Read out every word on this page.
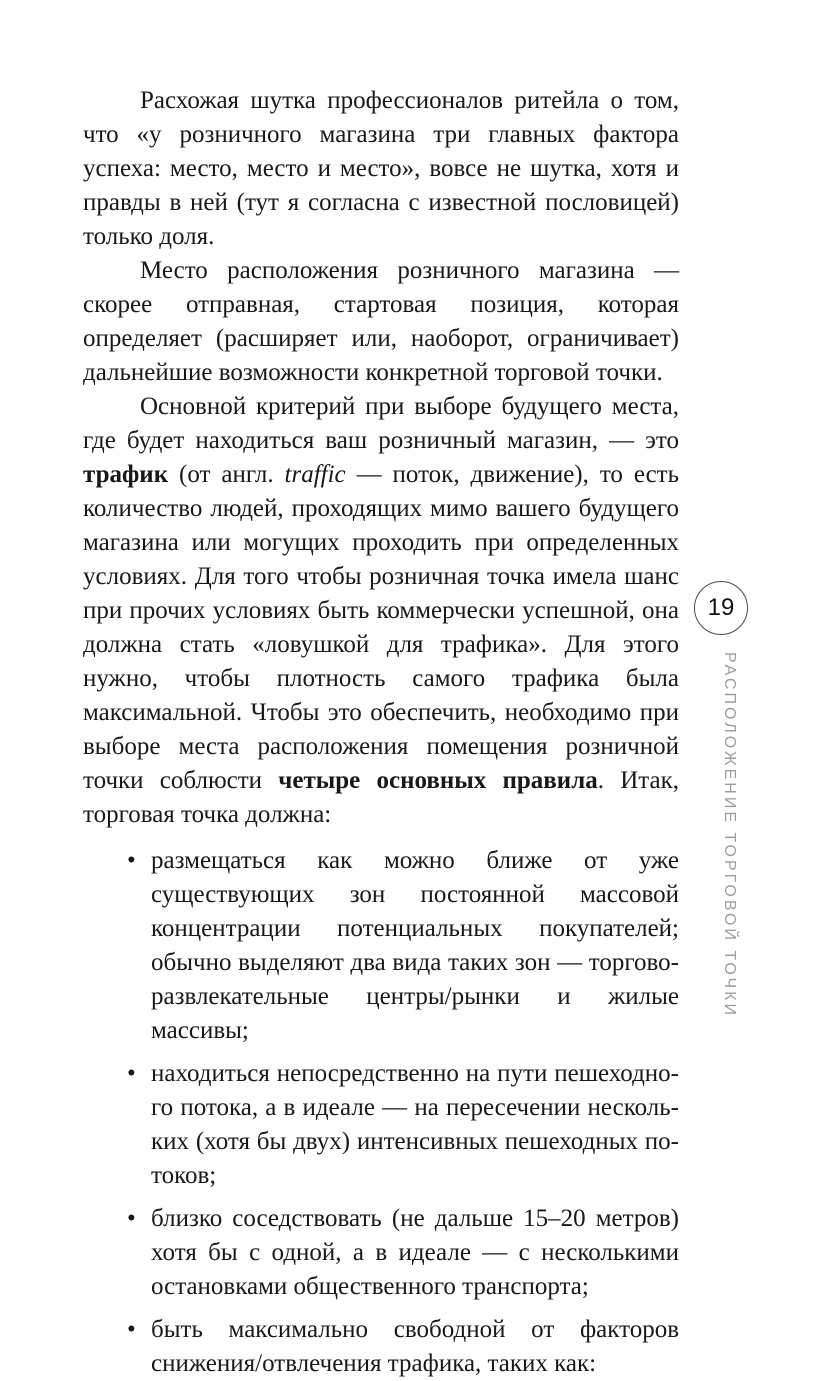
Расхожая шутка профессионалов ритейла о том, что «у розничного магазина три главных фактора успеха: место, место и место», вовсе не шутка, хотя и правды в ней (тут я согласна с известной пословицей) только доля.

Место расположения розничного магазина — скорее отправная, стартовая позиция, которая определяет (расширяет или, наоборот, ограничивает) дальнейшие возможности конкретной торговой точки.

Основной критерий при выборе будущего места, где будет находиться ваш розничный магазин, — это трафик (от англ. traffic — поток, движение), то есть количество людей, проходящих мимо вашего будущего магазина или могущих проходить при определенных условиях. Для того чтобы розничная точка имела шанс при прочих условиях быть коммерчески успешной, она должна стать «ловушкой для трафика». Для этого нужно, чтобы плотность самого трафика была максимальной. Чтобы это обеспечить, необходимо при выборе места расположения помещения розничной точки соблюсти четыре основных правила. Итак, торговая точка должна:

• размещаться как можно ближе от уже существующих зон постоянной массовой концентрации потенциальных покупателей; обычно выделяют два вида таких зон — торгово-развлекательные центры/рынки и жилые массивы;
• находиться непосредственно на пути пешеходного потока, а в идеале — на пересечении нескольких (хотя бы двух) интенсивных пешеходных потоков;
• близко соседствовать (не дальше 15–20 метров) хотя бы с одной, а в идеале — с несколькими остановками общественного транспорта;
• быть максимально свободной от факторов снижения/​отвлечения трафика, таких как:
19
РАСПОЛОЖЕНИЕ ТОРГОВОЙ ТОЧКИ
